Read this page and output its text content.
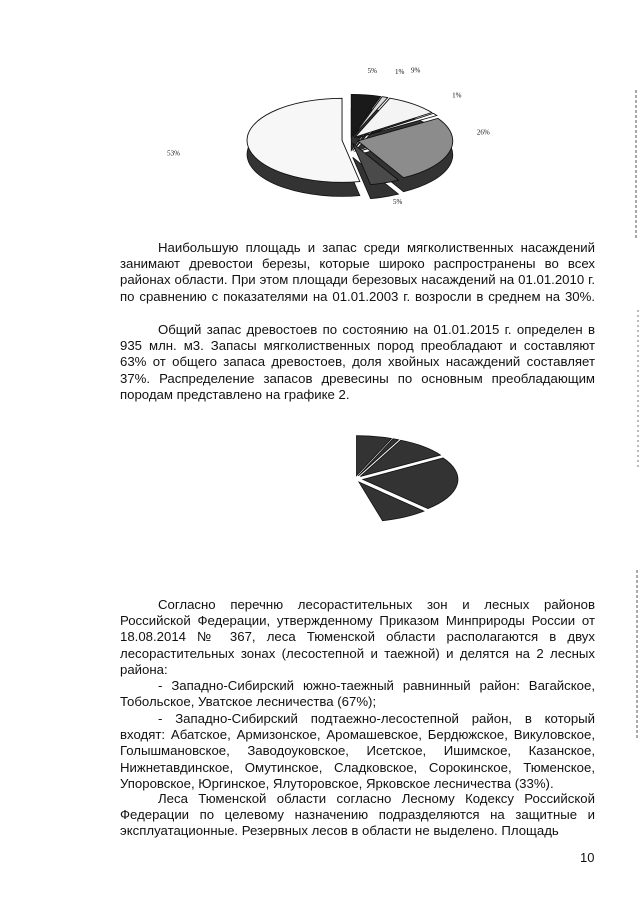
5%	1% 9%
1%
26%
5%
53%

Наибольшую площадь и запас среди мягколиственных насаждений занимают древостои березы, которые широко распространены во всех районах области. При этом площади березовых насаждений на 01.01.2010 г. по сравнению с показателями на 01.01.2003 г. возросли в среднем на 30%.

Общий запас древостоев по состоянию на 01.01.2015 г. определен в 935 млн. м3. Запасы мягколиственных пород преобладают и составляют 63% от общего запаса древостоев, доля хвойных насаждений составляет 37%. Распределение запасов древесины по основным преобладающим породам представлено на графике 2.

Согласно перечню лесорастительных зон и лесных районов Российской Федерации, утвержденному Приказом Минприроды России от 18.08.2014 № 367, леса Тюменской области располагаются в двух лесорастительных зонах (лесостепной и таежной) и делятся на 2 лесных района:

- Западно-Сибирский южно-таежный равнинный район: Вагайское, Тобольское, Уватское лесничества (67%);

- Западно-Сибирский подтаежно-лесостепной район, в который входят: Абатское, Армизонское, Аромашевское, Бердюжское, Викуловское, Голышмановское, Заводоуковское, Исетское, Ишимское, Казанское, Нижнетавдинское, Омутинское, Сладковское, Сорокинское, Тюменское, Упоровское, Юргинское, Ялуторовское, Ярковское лесничества (33%).

Леса Тюменской области согласно Лесному Кодексу Российской Федерации по целевому назначению подразделяются на защитные и эксплуатационные. Резервных лесов в области не выделено. Площадь

10
